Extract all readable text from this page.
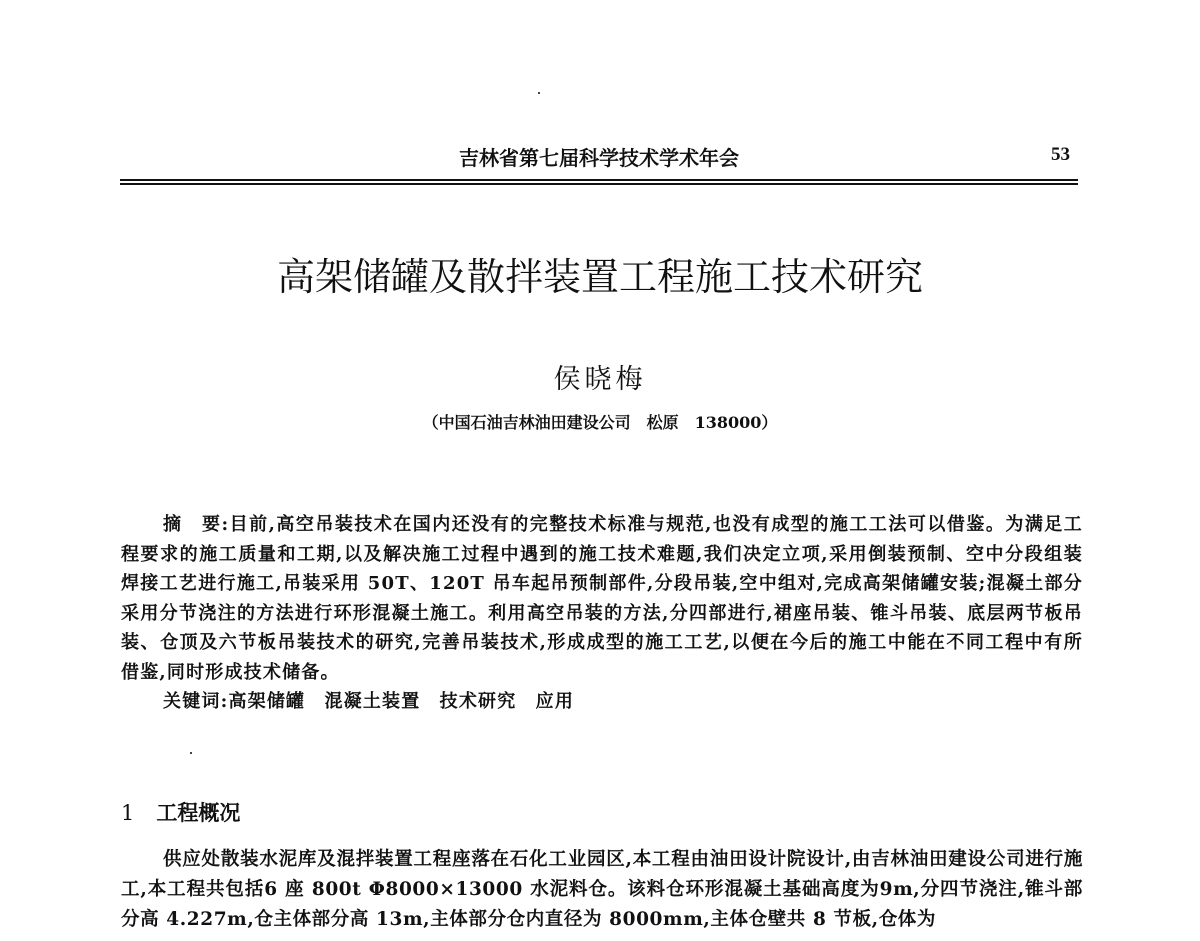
吉林省第七届科学技术学术年会	53
高架储罐及散拌装置工程施工技术研究
侯晓梅
（中国石油吉林油田建设公司　松原　138000）

摘　要:目前,高空吊装技术在国内还没有的完整技术标准与规范,也没有成型的施工工法可以借鉴。为满足工程要求的施工质量和工期,以及解决施工过程中遇到的施工技术难题,我们决定立项,采用倒装预制、空中分段组装焊接工艺进行施工,吊装采用 50T、120T 吊车起吊预制部件,分段吊装,空中组对,完成高架储罐安装;混凝土部分采用分节浇注的方法进行环形混凝土施工。利用高空吊装的方法,分四部进行,裙座吊装、锥斗吊装、底层两节板吊装、仓顶及六节板吊装技术的研究,完善吊装技术,形成成型的施工工艺,以便在今后的施工中能在不同工程中有所借鉴,同时形成技术储备。

关键词:高架储罐　混凝土装置　技术研究　应用

1 工程概况

供应处散装水泥库及混拌装置工程座落在石化工业园区,本工程由油田设计院设计,由吉林油田建设公司进行施工,本工程共包括6 座 800t Φ8000×13000 水泥料仓。该料仓环形混凝土基础高度为9m,分四节浇注,锥斗部分高 4.227m,仓主体部分高 13m,主体部分仓内直径为 8000mm,主体仓壁共 8 节板,仓体为
